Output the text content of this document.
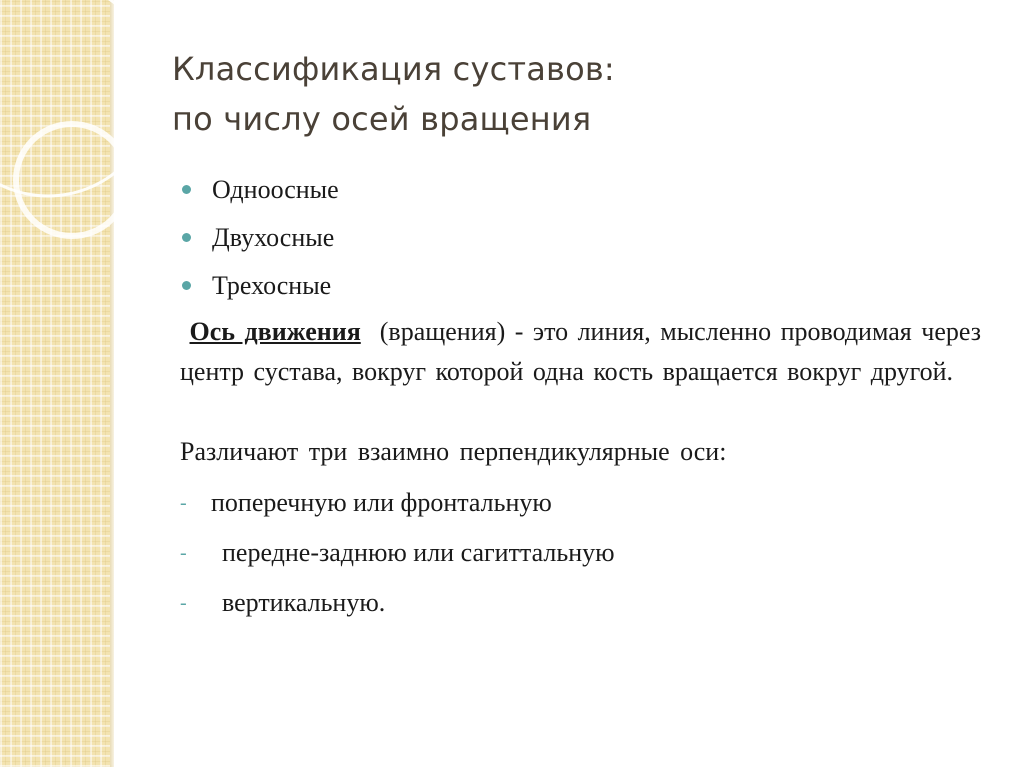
Классификация суставов:
по числу осей вращения
Одноосные
Двухосные
Трехосные

Ось движения (вращения) - это линия, мысленно проводимая через центр сустава, вокруг которой одна кость вращается вокруг другой.

Различают три взаимно перпендикулярные оси:

- поперечную или фронтальную
- передне-заднюю или сагиттальную
- вертикальную.
